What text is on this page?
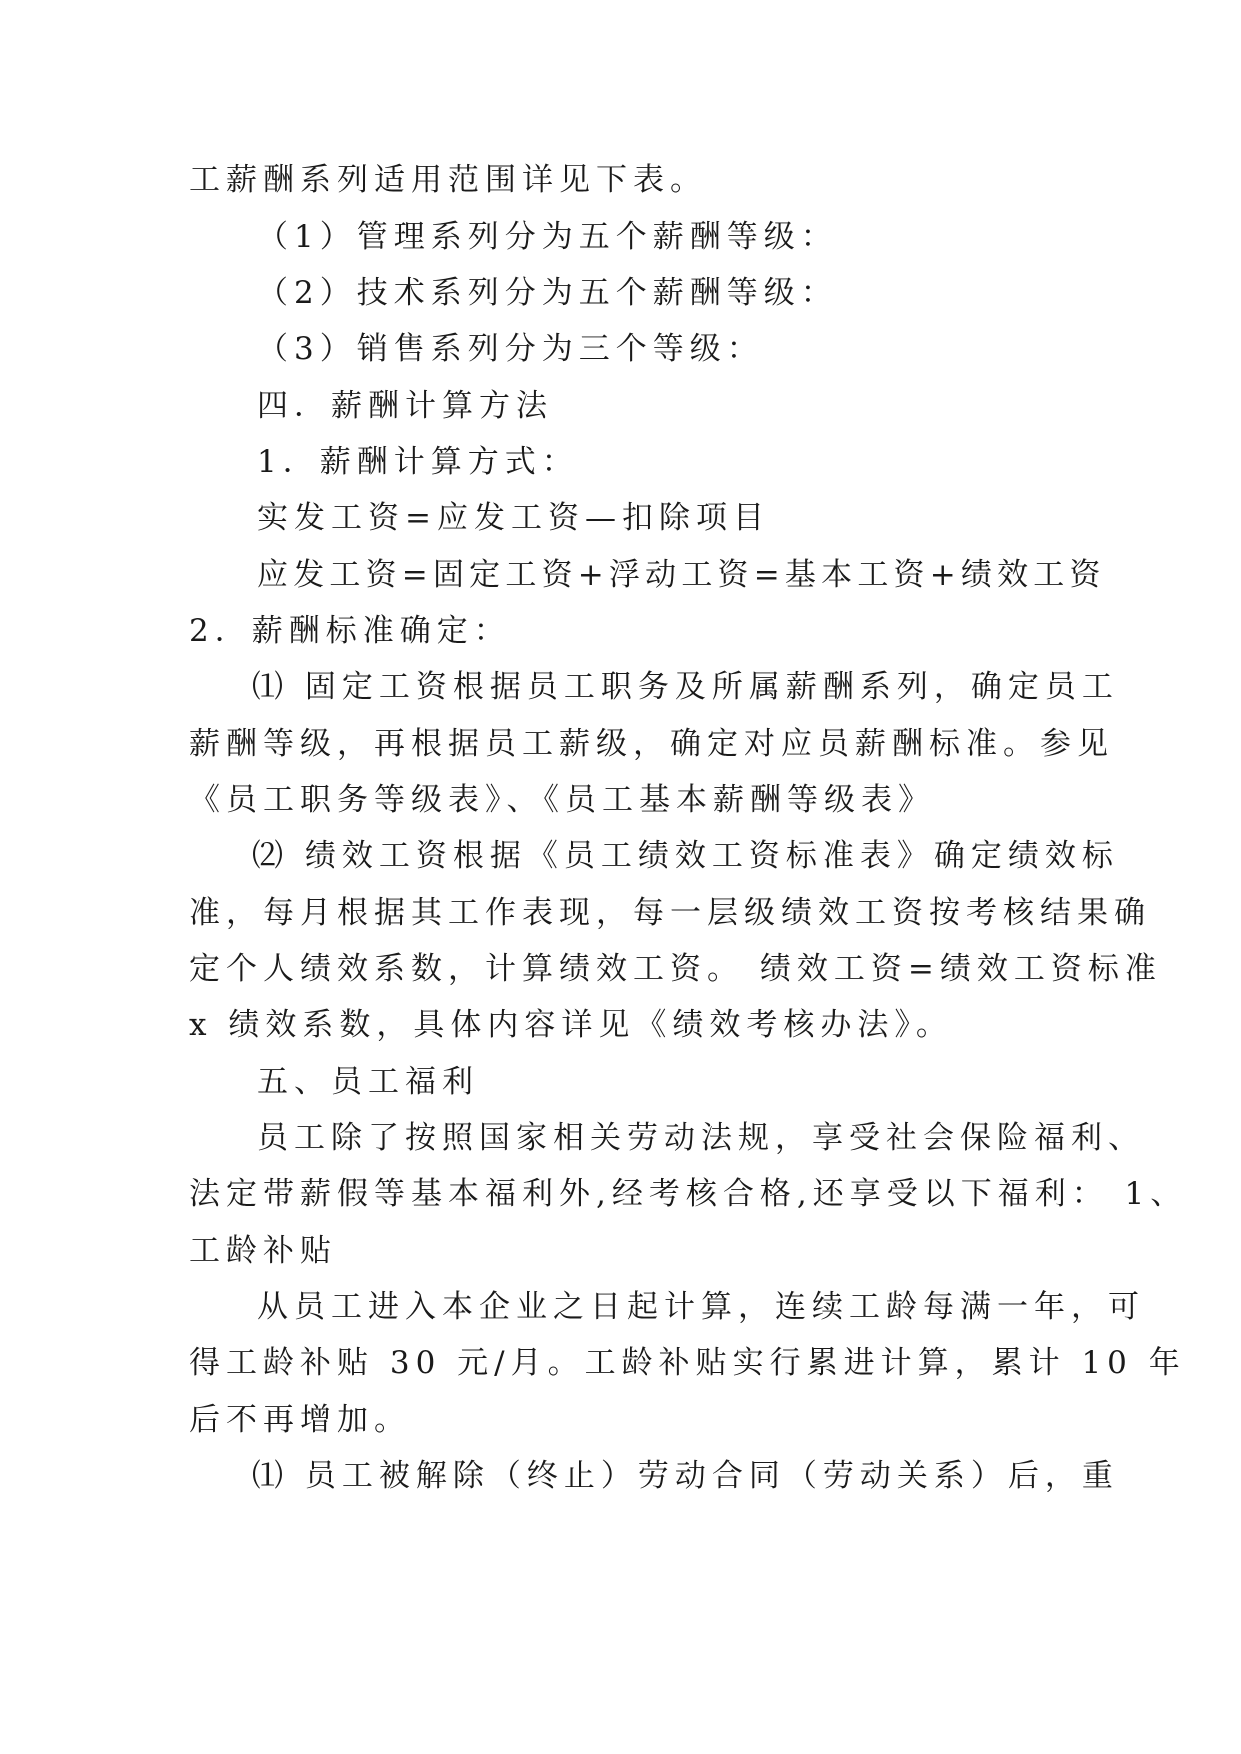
工薪酬系列适用范围详见下表。
（1）管理系列分为五个薪酬等级：
（2）技术系列分为五个薪酬等级：
（3）销售系列分为三个等级：
四．薪酬计算方法
1．薪酬计算方式：
实发工资=应发工资—扣除项目
应发工资=固定工资+浮动工资=基本工资+绩效工资
2．薪酬标准确定：
⑴ 固定工资根据员工职务及所属薪酬系列，确定员工
薪酬等级，再根据员工薪级，确定对应员薪酬标准。参见
《员工职务等级表》、《员工基本薪酬等级表》
⑵ 绩效工资根据《员工绩效工资标准表》确定绩效标
准，每月根据其工作表现，每一层级绩效工资按考核结果确
定个人绩效系数，计算绩效工资。 绩效工资=绩效工资标准
x 绩效系数，具体内容详见《绩效考核办法》。
五、员工福利
员工除了按照国家相关劳动法规，享受社会保险福利、
法定带薪假等基本福利外,经考核合格,还享受以下福利： 1、
工龄补贴
从员工进入本企业之日起计算，连续工龄每满一年，可
得工龄补贴 30 元/月。工龄补贴实行累进计算，累计 10 年
后不再增加。
⑴ 员工被解除（终止）劳动合同（劳动关系）后，重
